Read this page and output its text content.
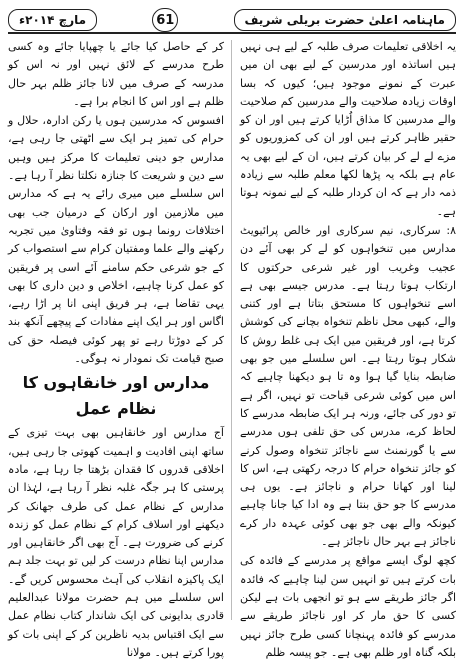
مارچ ۲۰۱۴ء	61	ماہنامہ اعلیٰ حضرت بریلی شریف

یہ اخلاقی تعلیمات صرف طلبہ کے لیے ہی نہیں ہیں اساتذہ اور مدرسین کے لیے بھی ان میں عبرت کے نمونے موجود ہیں؛ کیوں کہ بسا اوقات زیادہ صلاحیت والے مدرسین کم صلاحیت والے مدرسین کا مذاق اُڑایا کرتے ہیں اور ان کو حقیر ظاہر کرتے ہیں اور ان کی کمزوریوں کو مزے لے لے کر بیان کرتے ہیں، ان کے لیے بھی یہ عام ہے بلکہ یہ پڑھا لکھا معلم طلبہ سے زیادہ ذمہ دار ہے کہ ان کردار طلبہ کے لیے نمونہ ہوتا ہے۔

۸: سرکاری، نیم سرکاری اور خالص پرائیویٹ مدارس میں تنخواہوں کو لے کر بھی آئے دن عجیب وغریب اور غیر شرعی حرکتوں کا ارتکاب ہوتا رہتا ہے۔ مدرس جیسے بھی ہے اسے تنخواہوں کا مستحق بتاتا ہے اور کتنی والے، کبھی محل ناظم تنخواہ بچانے کی کوشش کرتا ہے، اور فریقین میں ایک ہی غلط روش کا شکار ہوتا رہتا ہے۔ اس سلسلے میں جو بھی ضابطہ بنایا گیا ہوا وہ تا ہو دیکھنا چاہیے کہ اس میں کوئی شرعی قباحت تو نہیں، اگر ہے تو دور کی جائے، ورنہ ہر ایک ضابطہ مدرسے کا لحاظ کرے، مدرس کی حق تلفی ہوں مدرسے سے یا گورنمنٹ سے ناجائز تنخواہ وصول کرنے کو جائز تنخواہ حرام کا درجہ رکھتی ہے، اس کا لینا اور کھانا حرام و ناجائز ہے۔ یوں ہی مدرسے کا جو حق بنتا ہے وہ ادا کیا جانا چاہیے کیونکہ والے بھی جو بھی کوئی عہدہ دار کرے ناجائز ہے بہر حال ناجائز ہے۔

کچھ لوگ ایسے مواقع پر مدرسے کے فائدہ کی بات کرتے ہیں تو انہیں سن لینا چاہیے کہ فائدہ اگر جائز طریقے سے ہو تو انجھی بات ہے لیکن کسی کا حق مار کر اور ناجائز طریقے سے مدرسے کو فائدہ پہنچانا کسی طرح جائز نہیں بلکہ گناہ اور ظلم بھی ہے۔ جو پیسہ ظلم

کر کے حاصل کیا جائے یا چھپایا جائے وہ کسی طرح مدرسے کے لائق نہیں اور نہ اس کو مدرسہ کے صرف میں لانا جائز ظلم بہر حال ظلم ہے اور اس کا انجام برا ہے۔

افسوس کہ مدرسین ہوں یا رکن ادارہ، حلال و حرام کی تمیز ہر ایک سے اٹھتی جا رہی ہے، مدارس جو دینی تعلیمات کا مرکز ہیں وہیں سے دین و شریعت کا جنازہ نکلتا نظر آ رہا ہے۔ اس سلسلے میں میری رائے یہ ہے کہ مدارس میں ملازمین اور ارکان کے درمیان جب بھی اختلافات رونما ہوں تو فقہ وفتاویٰ میں تجربہ رکھنے والے علما ومفتیان کرام سے استصواب کر کے جو شرعی حکم سامنے آئے اسی پر فریقین کو عمل کرنا چاہیے، اخلاص و دین داری کا بھی یہی تقاضا ہے، ہر فریق اپنی انا پر اڑا رہے، اگاس اور ہر ایک اپنے مفادات کے پیچھے آنکھ بند کر کے دوڑتا رہے تو پھر کوئی فیصلہ حق کی صبح قیامت تک نمودار نہ ہوگی۔

مدارس اور خانقاہوں کا نظام عمل

آج مدارس اور خانقاہیں بھی بہت تیزی کے ساتھ اپنی افادیت و اہمیت کھوتی جا رہی ہیں، اخلاقی قدروں کا فقدان بڑھتا جا رہا ہے، مادہ پرستی کا ہر جگہ غلبہ نظر آ رہا ہے، لہٰذا ان مدارس کے نظام عمل کی طرف جھانک کر دیکھنے اور اسلاف کرام کے نظام عمل کو زندہ کرنے کی ضرورت ہے۔ آج بھی اگر خانقاہیں اور مدارس اپنا نظام درست کر لیں تو بہت جلد ہم ایک پاکیزہ انقلاب کی آہٹ محسوس کریں گے۔ اس سلسلے میں ہم حضرت مولانا عبدالعلیم قادری بدایونی کی ایک شاندار کتاب نظام عمل سے ایک اقتباس بدیہ ناظرین کر کے اپنی بات کو پورا کرتے ہیں۔ مولانا
